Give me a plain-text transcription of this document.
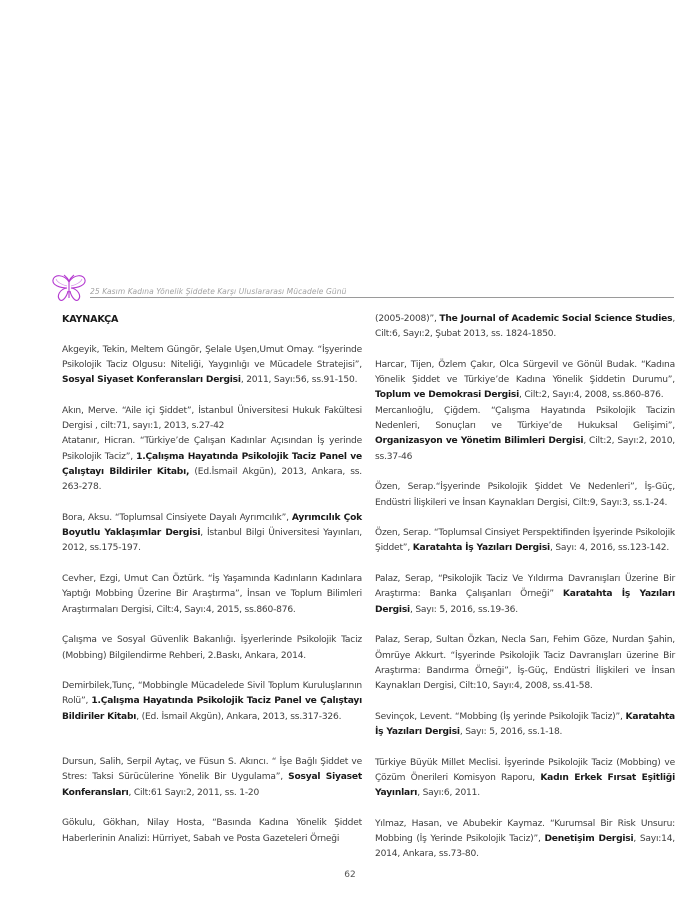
25 Kasım Kadına Yönelik Şiddete Karşı Uluslararası Mücadele Günü

KAYNAKÇA

Akgeyik, Tekin, Meltem Güngör, Şelale Uşen,Umut Omay. “İşyerinde Psikolojik Taciz Olgusu: Niteliği, Yaygınlığı ve Mücadele Stratejisi”, Sosyal Siyaset Konferansları Dergisi, 2011, Sayı:56, ss.91-150.

Akın, Merve. “Aile içi Şiddet”, İstanbul Üniversitesi Hukuk Fakültesi Dergisi , cilt:71, sayı:1, 2013, s.27-42

Atatanır, Hicran. “Türkiye’de Çalışan Kadınlar Açısından İş yerinde Psikolojik Taciz”, 1.Çalışma Hayatında Psikolojik Taciz Panel ve Çalıştayı Bildiriler Kitabı, (Ed.İsmail Akgün), 2013, Ankara, ss. 263-278.

Bora, Aksu. “Toplumsal Cinsiyete Dayalı Ayrımcılık”, Ayrımcılık Çok Boyutlu Yaklaşımlar Dergisi, İstanbul Bilgi Üniversitesi Yayınları, 2012, ss.175-197.

Cevher, Ezgi, Umut Can Öztürk. “İş Yaşamında Kadınların Kadınlara Yaptığı Mobbing Üzerine Bir Araştırma”, İnsan ve Toplum Bilimleri Araştırmaları Dergisi, Cilt:4, Sayı:4, 2015, ss.860-876.

Çalışma ve Sosyal Güvenlik Bakanlığı. İşyerlerinde Psikolojik Taciz (Mobbing) Bilgilendirme Rehberi, 2.Baskı, Ankara, 2014.

Demirbilek,Tunç, “Mobbingle Mücadelede Sivil Toplum Kuruluşlarının Rolü”, 1.Çalışma Hayatında Psikolojik Taciz Panel ve Çalıştayı Bildiriler Kitabı, (Ed. İsmail Akgün), Ankara, 2013, ss.317-326.

Dursun, Salih, Serpil Aytaç, ve Füsun S. Akıncı. “ İşe Bağlı Şiddet ve Stres: Taksi Sürücülerine Yönelik Bir Uygulama”, Sosyal Siyaset Konferansları, Cilt:61 Sayı:2, 2011, ss. 1-20

Gökulu, Gökhan, Nilay Hosta, “Basında Kadına Yönelik Şiddet Haberlerinin Analizi: Hürriyet, Sabah ve Posta Gazeteleri Örneği

(2005-2008)”, The Journal of Academic Social Science Studies, Cilt:6, Sayı:2, Şubat 2013, ss. 1824-1850.

Harcar, Tijen, Özlem Çakır, Olca Sürgevil ve Gönül Budak. “Kadına Yönelik Şiddet ve Türkiye’de Kadına Yönelik Şiddetin Durumu”, Toplum ve Demokrasi Dergisi, Cilt:2, Sayı:4, 2008, ss.860-876.

Mercanlıoğlu, Çiğdem. “Çalışma Hayatında Psikolojik Tacizin Nedenleri, Sonuçları ve Türkiye’de Hukuksal Gelişimi”, Organizasyon ve Yönetim Bilimleri Dergisi, Cilt:2, Sayı:2, 2010, ss.37-46

Özen, Serap.“İşyerinde Psikolojik Şiddet Ve Nedenleri”, İş-Güç, Endüstri İlişkileri ve İnsan Kaynakları Dergisi, Cilt:9, Sayı:3, ss.1-24.

Özen, Serap. “Toplumsal Cinsiyet Perspektifinden İşyerinde Psikolojik Şiddet”, Karatahta İş Yazıları Dergisi, Sayı: 4, 2016, ss.123-142.

Palaz, Serap, “Psikolojik Taciz Ve Yıldırma Davranışları Üzerine Bir Araştırma: Banka Çalışanları Örneği” Karatahta İş Yazıları Dergisi, Sayı: 5, 2016, ss.19-36.

Palaz, Serap, Sultan Özkan, Necla Sarı, Fehim Göze, Nurdan Şahin, Ömrüye Akkurt. “İşyerinde Psikolojik Taciz Davranışları üzerine Bir Araştırma: Bandırma Örneği”, İş-Güç, Endüstri İlişkileri ve İnsan Kaynakları Dergisi, Cilt:10, Sayı:4, 2008, ss.41-58.

Sevinçok, Levent. “Mobbing (İş yerinde Psikolojik Taciz)”, Karatahta İş Yazıları Dergisi, Sayı: 5, 2016, ss.1-18.

Türkiye Büyük Millet Meclisi. İşyerinde Psikolojik Taciz (Mobbing) ve Çözüm Önerileri Komisyon Raporu, Kadın Erkek Fırsat Eşitliği Yayınları, Sayı:6, 2011.

Yılmaz, Hasan, ve Abubekir Kaymaz. “Kurumsal Bir Risk Unsuru: Mobbing (İş Yerinde Psikolojik Taciz)”, Denetişim Dergisi, Sayı:14, 2014, Ankara, ss.73-80.

62
